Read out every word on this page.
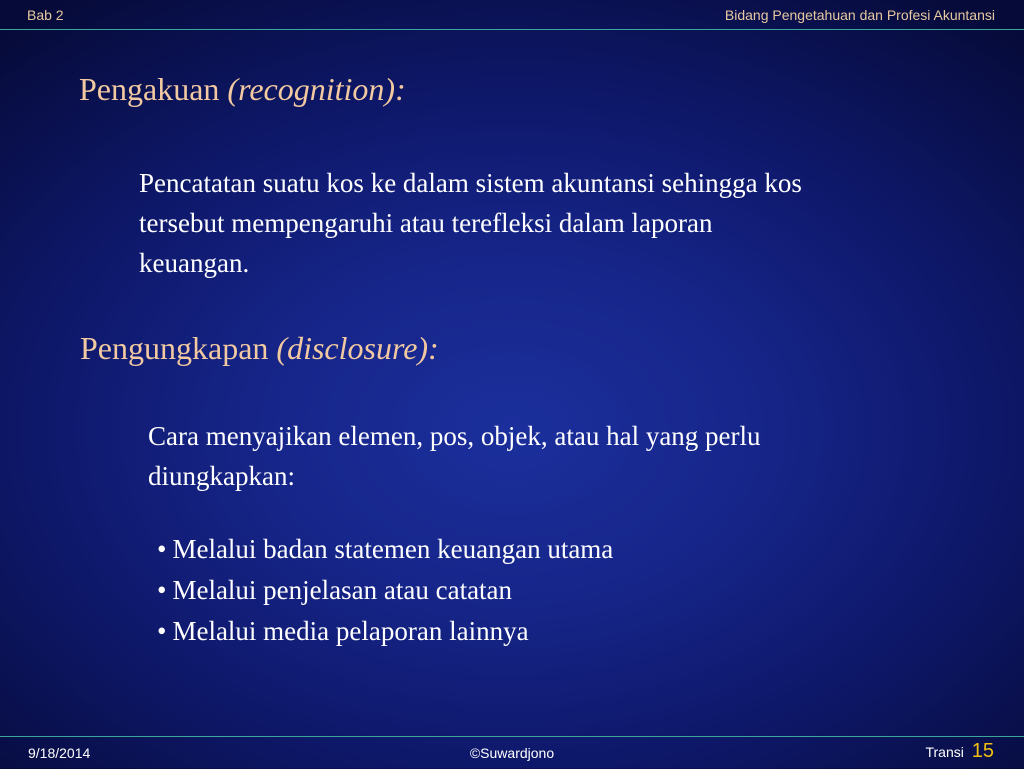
Bab 2	Bidang Pengetahuan dan Profesi Akuntansi
Pengakuan (recognition):
Pencatatan suatu kos ke dalam sistem akuntansi sehingga kos tersebut mempengaruhi atau terefleksi dalam laporan keuangan.
Pengungkapan (disclosure):
Cara menyajikan elemen, pos, objek, atau hal yang perlu diungkapkan:
• Melalui badan statemen keuangan utama
• Melalui penjelasan atau catatan
• Melalui media pelaporan lainnya
9/18/2014	©Suwardjono	Transi 15
